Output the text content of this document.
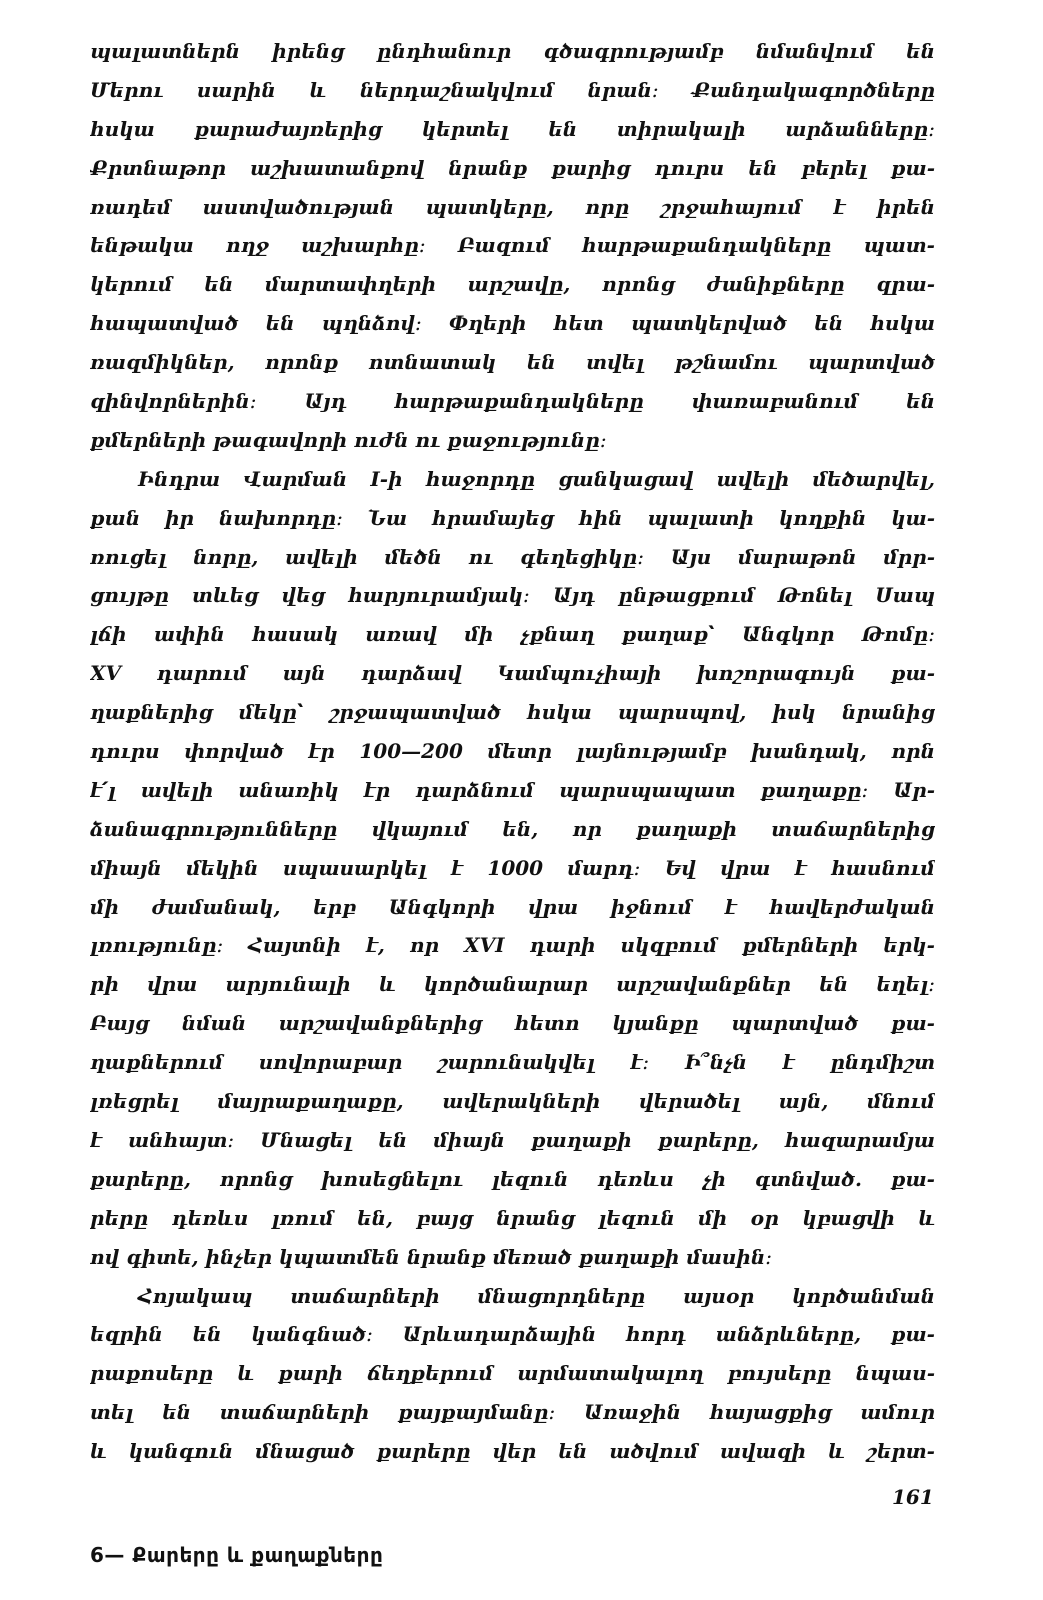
պալատներն իրենց ընդհանուր գծագրությամբ նմանվում են
Մերու սարին և ներդաշնակվում նրան։ Քանդակագործները
հսկա քարաժայռերից կերտել են տիրակալի արձանները։
Քրտնաթոր աշխատանքով նրանք քարից դուրս են բերել քա-
ռադեմ աստվածության պատկերը, որը շրջահայում է իրեն
ենթակա ողջ աշխարհը։ Բազում հարթաքանդակները պատ-
կերում են մարտափղերի արշավը, որոնց ժանիքները զրա-
հապատված են պղնձով։ Փղերի հետ պատկերված են հսկա
ռազմիկներ, որոնք ոտնատակ են տվել թշնամու պարտված
զինվորներին։ Այդ հարթաքանդակները փառաբանում են
քմերների թագավորի ուժն ու քաջությունը։
Ինդրա Վարման I-ի հաջորդը ցանկացավ ավելի մեծարվել,
քան իր նախորդը։ Նա հրամայեց հին պալատի կողքին կա-
ռուցել նորը, ավելի մեծն ու գեղեցիկը։ Այս մարաթոն մրր-
ցույթը տևեց վեց հարյուրամյակ։ Այդ ընթացքում Թոնել Սապ
լճի ափին հասակ առավ մի չքնաղ քաղաք՝ Անգկոր Թոմը։
XV դարում այն դարձավ Կամպուչիայի խոշորագույն քա-
ղաքներից մեկը՝ շրջապատված հսկա պարսպով, իսկ նրանից
դուրս փորված էր 100—200 մետր լայնությամբ խանդակ, որն
է՛լ ավելի անառիկ էր դարձնում պարսպապատ քաղաքը։ Ար-
ձանագրությունները վկայում են, որ քաղաքի տաճարներից
միայն մեկին սպասարկել է 1000 մարդ։ Եվ վրա է հասնում
մի ժամանակ, երբ Անգկորի վրա իջնում է հավերժական
լռությունը։ Հայտնի է, որ XVI դարի սկզբում քմերների երկ-
րի վրա արյունալի և կործանարար արշավանքներ են եղել։
Բայց նման արշավանքներից հետո կյանքը պարտված քա-
ղաքներում սովորաբար շարունակվել է։ Ի՞նչն է ընդմիշտ
լռեցրել մայրաքաղաքը, ավերակների վերածել այն, մնում
է անհայտ։ Մնացել են միայն քաղաքի քարերը, հազարամյա
քարերը, որոնց խոսեցնելու լեզուն դեռևս չի գտնված. քա-
րերը դեռևս լռում են, բայց նրանց լեզուն մի օր կբացվի և
ով գիտե, ինչեր կպատմեն նրանք մեռած քաղաքի մասին։
Հոյակապ տաճարների մնացորդները այսօր կործանման
եզրին են կանգնած։ Արևադարձային հորդ անձրևները, քա-
րաքոսերը և քարի ճեղքերում արմատակալող բույսերը նպաս-
տել են տաճարների քայքայմանը։ Առաջին հայացքից ամուր
և կանգուն մնացած քարերը վեր են ածվում ավազի և շերտ-
161
6— Քարերը և քաղաքները
